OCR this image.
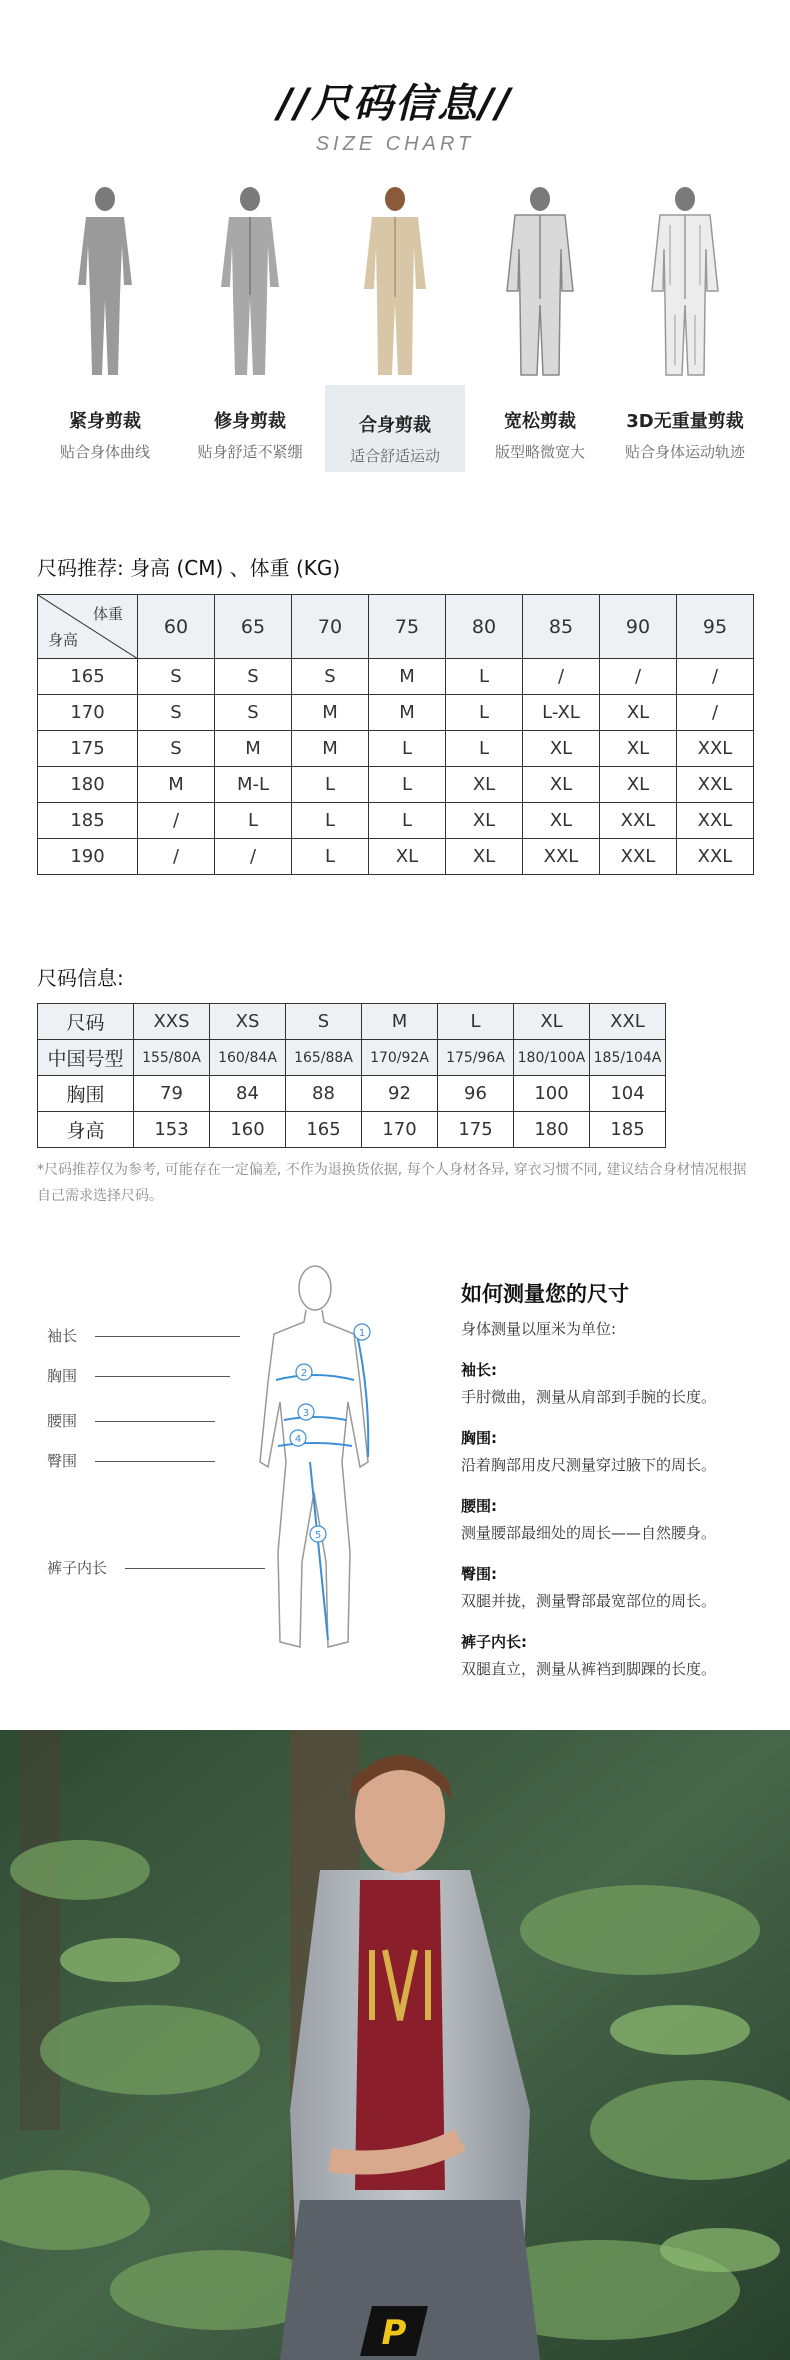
//尺码信息//
SIZE CHART
紧身剪裁
贴合身体曲线
修身剪裁
贴身舒适不紧绷
合身剪裁
适合舒适运动
宽松剪裁
版型略微宽大
3D无重量剪裁
贴合身体运动轨迹
尺码推荐: 身高 (CM) 、体重 (KG)
体重
身高	60	65	70	75	80	85	90	95
165	S	S	S	M	L	/	/	/
170	S	S	M	M	L	L-XL	XL	/
175	S	M	M	L	L	XL	XL	XXL
180	M	M-L	L	L	XL	XL	XL	XXL
185	/	L	L	L	XL	XL	XXL	XXL
190	/	/	L	XL	XL	XXL	XXL	XXL
尺码信息:
尺码	XXS	XS	S	M	L	XL	XXL
中国号型	155/80A	160/84A	165/88A	170/92A	175/96A	180/100A	185/104A
胸围	79	84	88	92	96	100	104
身高	153	160	165	170	175	180	185
*尺码推荐仅为参考, 可能存在一定偏差, 不作为退换货依据, 每个人身材各异, 穿衣习惯不同, 建议结合身材情况根据自己需求选择尺码。
袖长
胸围
腰围
臀围
裤子内长
1
2
3
4
5
如何测量您的尺寸
身体测量以厘米为单位:
袖长:
手肘微曲，测量从肩部到手腕的长度。
胸围:
沿着胸部用皮尺测量穿过腋下的周长。
腰围:
测量腰部最细处的周长——自然腰身。
臀围:
双腿并拢，测量臀部最宽部位的周长。
裤子内长:
双腿直立，测量从裤裆到脚踝的长度。
P
